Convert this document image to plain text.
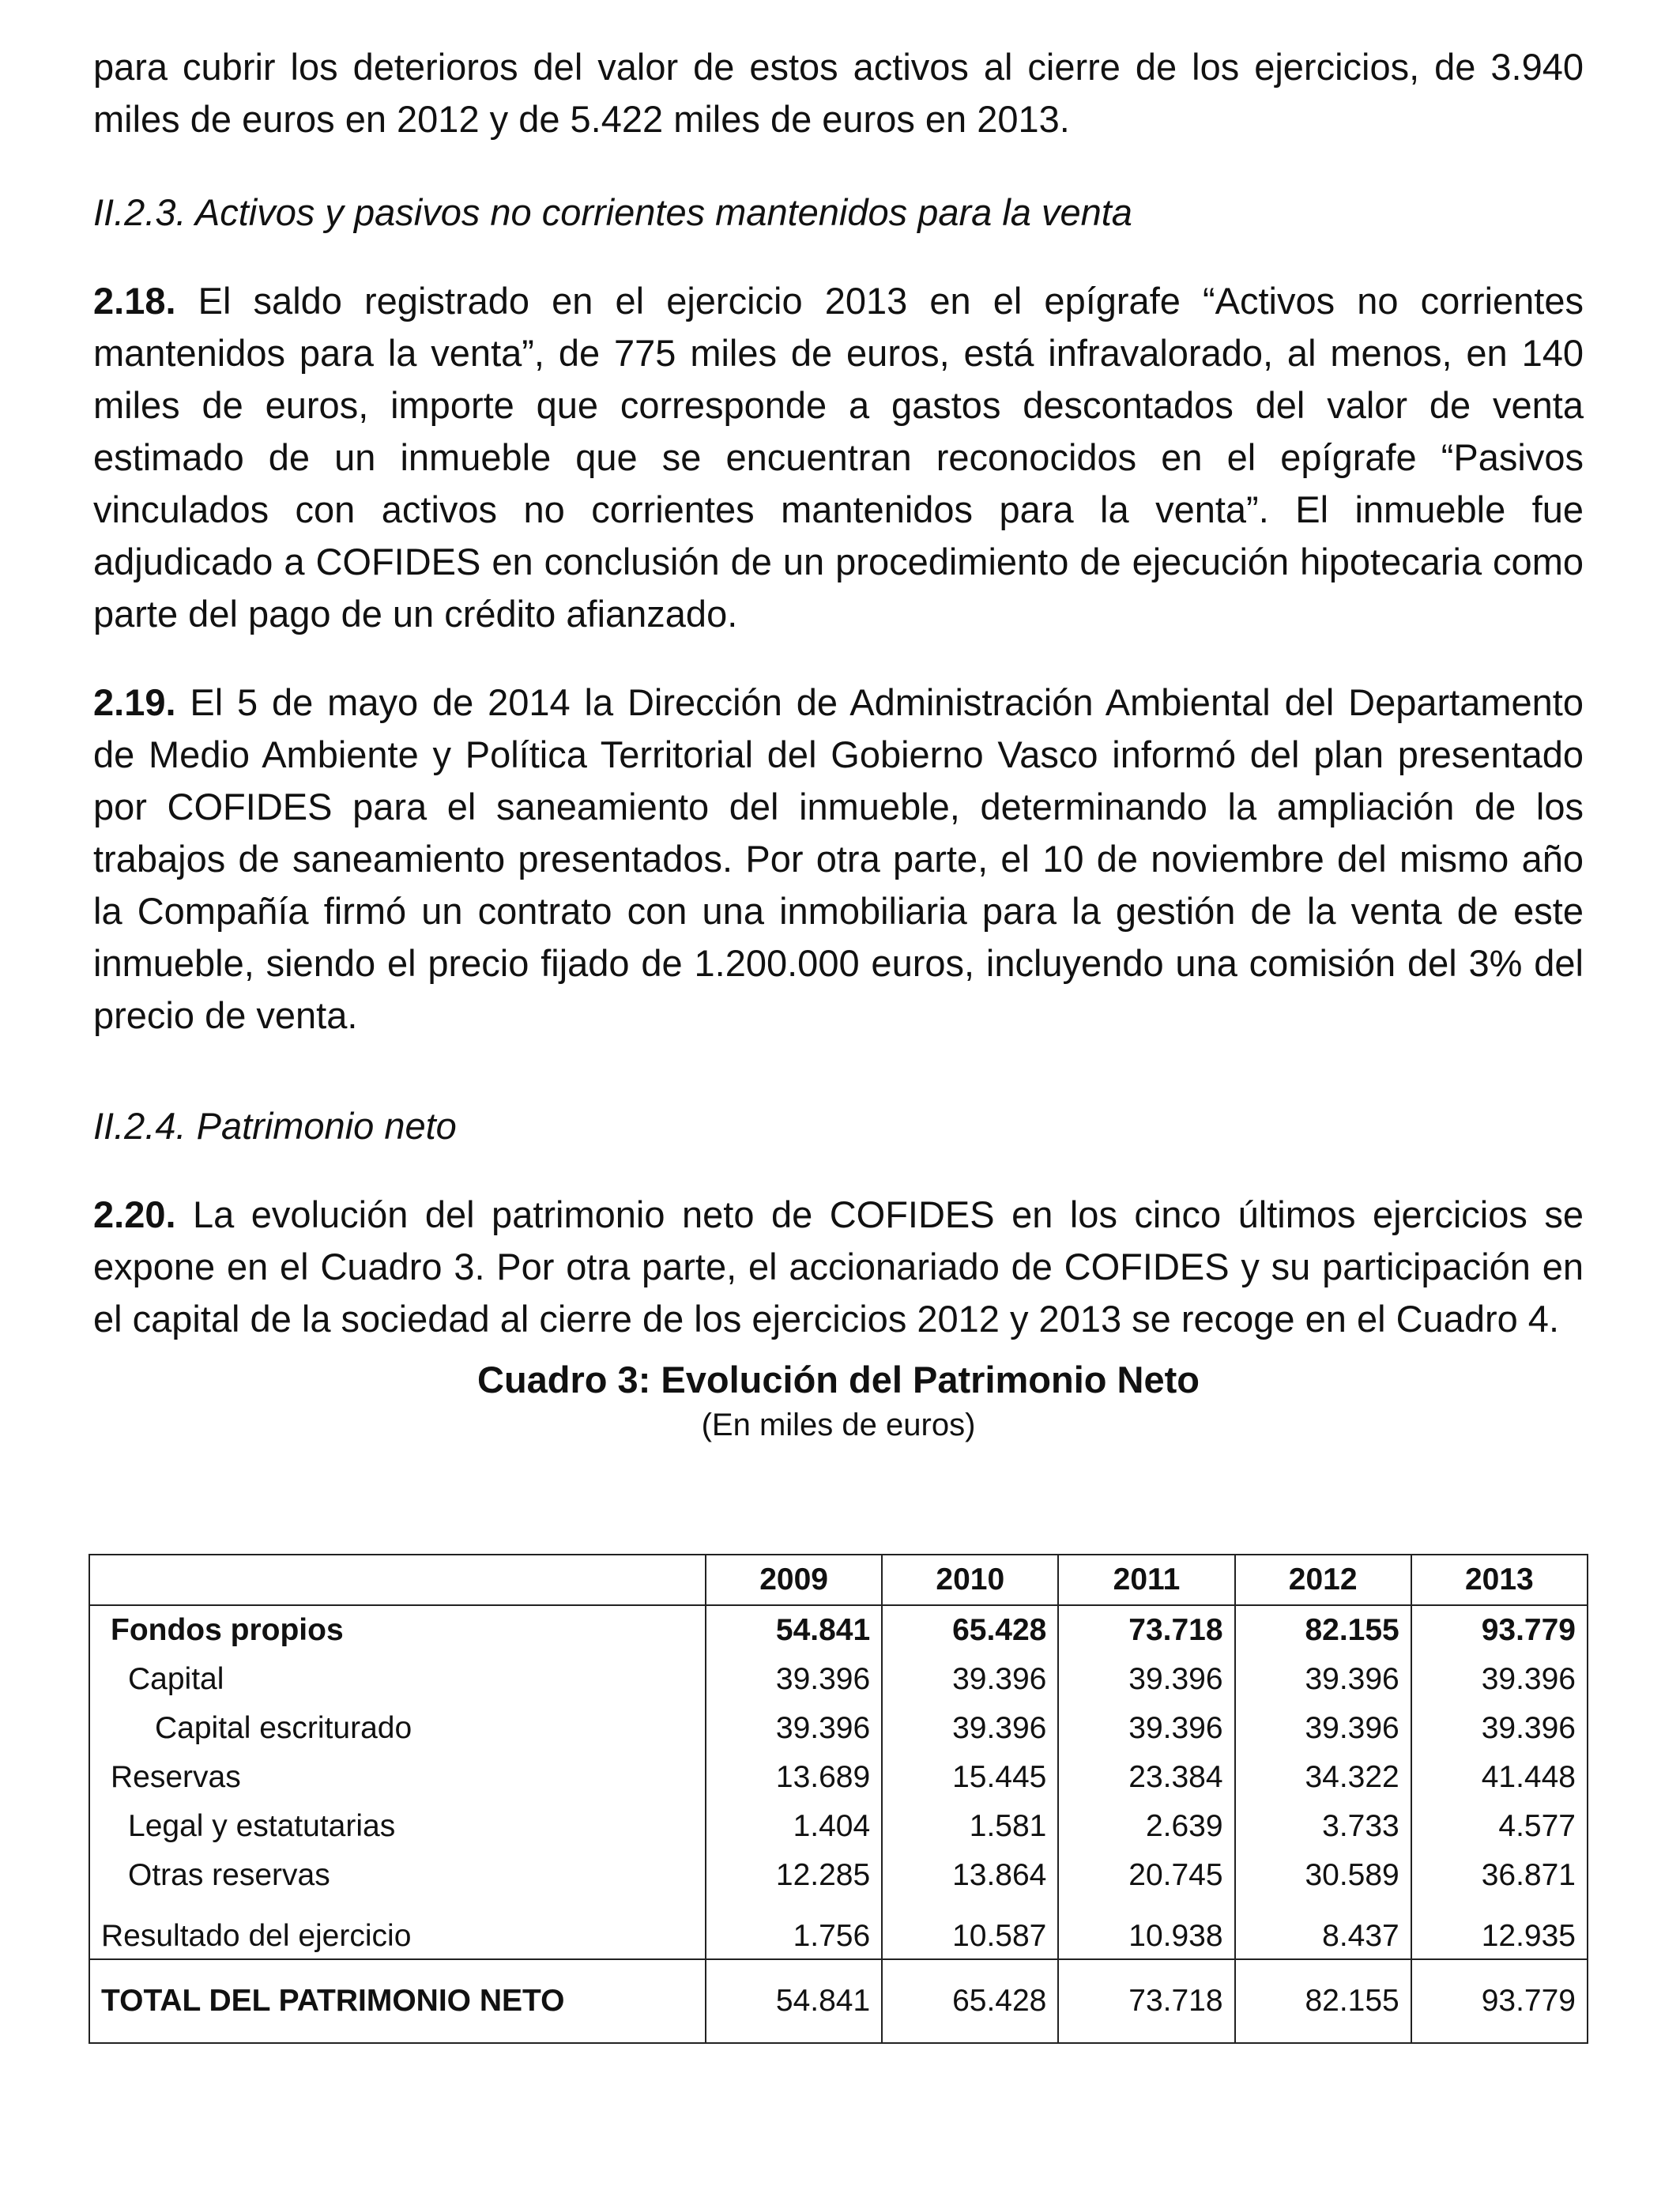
para cubrir los deterioros del valor de estos activos al cierre de los ejercicios, de 3.940 miles de euros en 2012 y de 5.422 miles de euros en 2013.

II.2.3. Activos y pasivos no corrientes mantenidos para la venta

2.18. El saldo registrado en el ejercicio 2013 en el epígrafe “Activos no corrientes mantenidos para la venta”, de 775 miles de euros, está infravalorado, al menos, en 140 miles de euros, importe que corresponde a gastos descontados del valor de venta estimado de un inmueble que se encuentran reconocidos en el epígrafe “Pasivos vinculados con activos no corrientes mantenidos para la venta”. El inmueble fue adjudicado a COFIDES en conclusión de un procedimiento de ejecución hipotecaria como parte del pago de un crédito afianzado.

2.19. El 5 de mayo de 2014 la Dirección de Administración Ambiental del Departamento de Medio Ambiente y Política Territorial del Gobierno Vasco informó del plan presentado por COFIDES para el saneamiento del inmueble, determinando la ampliación de los trabajos de saneamiento presentados. Por otra parte, el 10 de noviembre del mismo año la Compañía firmó un contrato con una inmobiliaria para la gestión de la venta de este inmueble, siendo el precio fijado de 1.200.000 euros, incluyendo una comisión del 3% del precio de venta.

II.2.4. Patrimonio neto

2.20. La evolución del patrimonio neto de COFIDES en los cinco últimos ejercicios se expone en el Cuadro 3. Por otra parte, el accionariado de COFIDES y su participación en el capital de la sociedad al cierre de los ejercicios 2012 y 2013 se recoge en el Cuadro 4.

Cuadro 3: Evolución del Patrimonio Neto
(En miles de euros)
	2009	2010	2011	2012	2013
Fondos propios	54.841	65.428	73.718	82.155	93.779
Capital	39.396	39.396	39.396	39.396	39.396
Capital escriturado	39.396	39.396	39.396	39.396	39.396
Reservas	13.689	15.445	23.384	34.322	41.448
Legal y estatutarias	1.404	1.581	2.639	3.733	4.577
Otras reservas	12.285	13.864	20.745	30.589	36.871
Resultado del ejercicio	1.756	10.587	10.938	8.437	12.935
TOTAL DEL PATRIMONIO NETO	54.841	65.428	73.718	82.155	93.779
